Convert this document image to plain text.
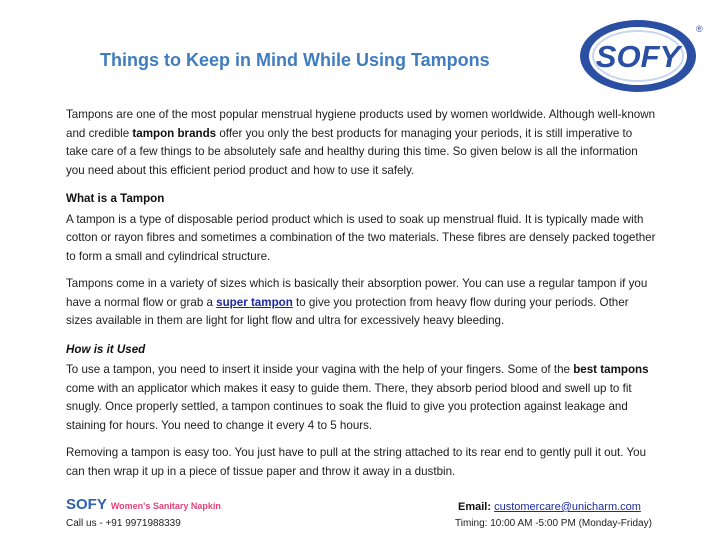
Things to Keep in Mind While Using Tampons	SOFY
®

Tampons are one of the most popular menstrual hygiene products used by women worldwide. Although well-known and credible tampon brands offer you only the best products for managing your periods, it is still imperative to take care of a few things to be absolutely safe and healthy during this time. So given below is all the information you need about this efficient period product and how to use it safely.

What is a Tampon

A tampon is a type of disposable period product which is used to soak up menstrual fluid. It is typically made with cotton or rayon fibres and sometimes a combination of the two materials. These fibres are densely packed together to form a small and cylindrical structure.

Tampons come in a variety of sizes which is basically their absorption power. You can use a regular tampon if you have a normal flow or grab a super tampon to give you protection from heavy flow during your periods. Other sizes available in them are light for light flow and ultra for excessively heavy bleeding.

How is it Used

To use a tampon, you need to insert it inside your vagina with the help of your fingers. Some of the best tampons come with an applicator which makes it easy to guide them. There, they absorb period blood and swell up to fit snugly. Once properly settled, a tampon continues to soak the fluid to give you protection against leakage and staining for hours. You need to change it every 4 to 5 hours.

Removing a tampon is easy too. You just have to pull at the string attached to its rear end to gently pull it out. You can then wrap it up in a piece of tissue paper and throw it away in a dustbin.

SOFY Women's Sanitary Napkin	Email: customercare@unicharm.com
Call us - +91 9971988339	Timing: 10:00 AM -5:00 PM (Monday-Friday)
